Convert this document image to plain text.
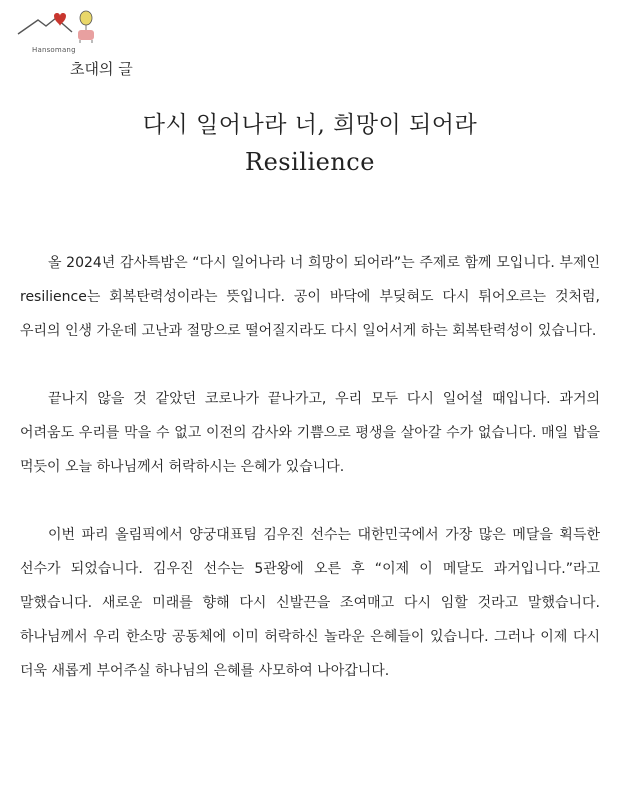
Hansomang
초대의 글
다시 일어나라 너, 희망이 되어라
Resilience

올 2024년 감사특밤은 “다시 일어나라 너 희망이 되어라”는 주제로 함께 모입니다. 부제인 resilience는 회복탄력성이라는 뜻입니다. 공이 바닥에 부딪혀도 다시 튀어오르는 것처럼, 우리의 인생 가운데 고난과 절망으로 떨어질지라도 다시 일어서게 하는 회복탄력성이 있습니다.

끝나지 않을 것 같았던 코로나가 끝나가고, 우리 모두 다시 일어설 때입니다. 과거의 어려움도 우리를 막을 수 없고 이전의 감사와 기쁨으로 평생을 살아갈 수가 없습니다. 매일 밥을 먹듯이 오늘 하나님께서 허락하시는 은혜가 있습니다.

이번 파리 올림픽에서 양궁대표팀 김우진 선수는 대한민국에서 가장 많은 메달을 획득한 선수가 되었습니다. 김우진 선수는 5관왕에 오른 후 “이제 이 메달도 과거입니다.”라고 말했습니다. 새로운 미래를 향해 다시 신발끈을 조여매고 다시 임할 것라고 말했습니다. 하나님께서 우리 한소망 공동체에 이미 허락하신 놀라운 은혜들이 있습니다. 그러나 이제 다시 더욱 새롭게 부어주실 하나님의 은혜를 사모하여 나아갑니다.
